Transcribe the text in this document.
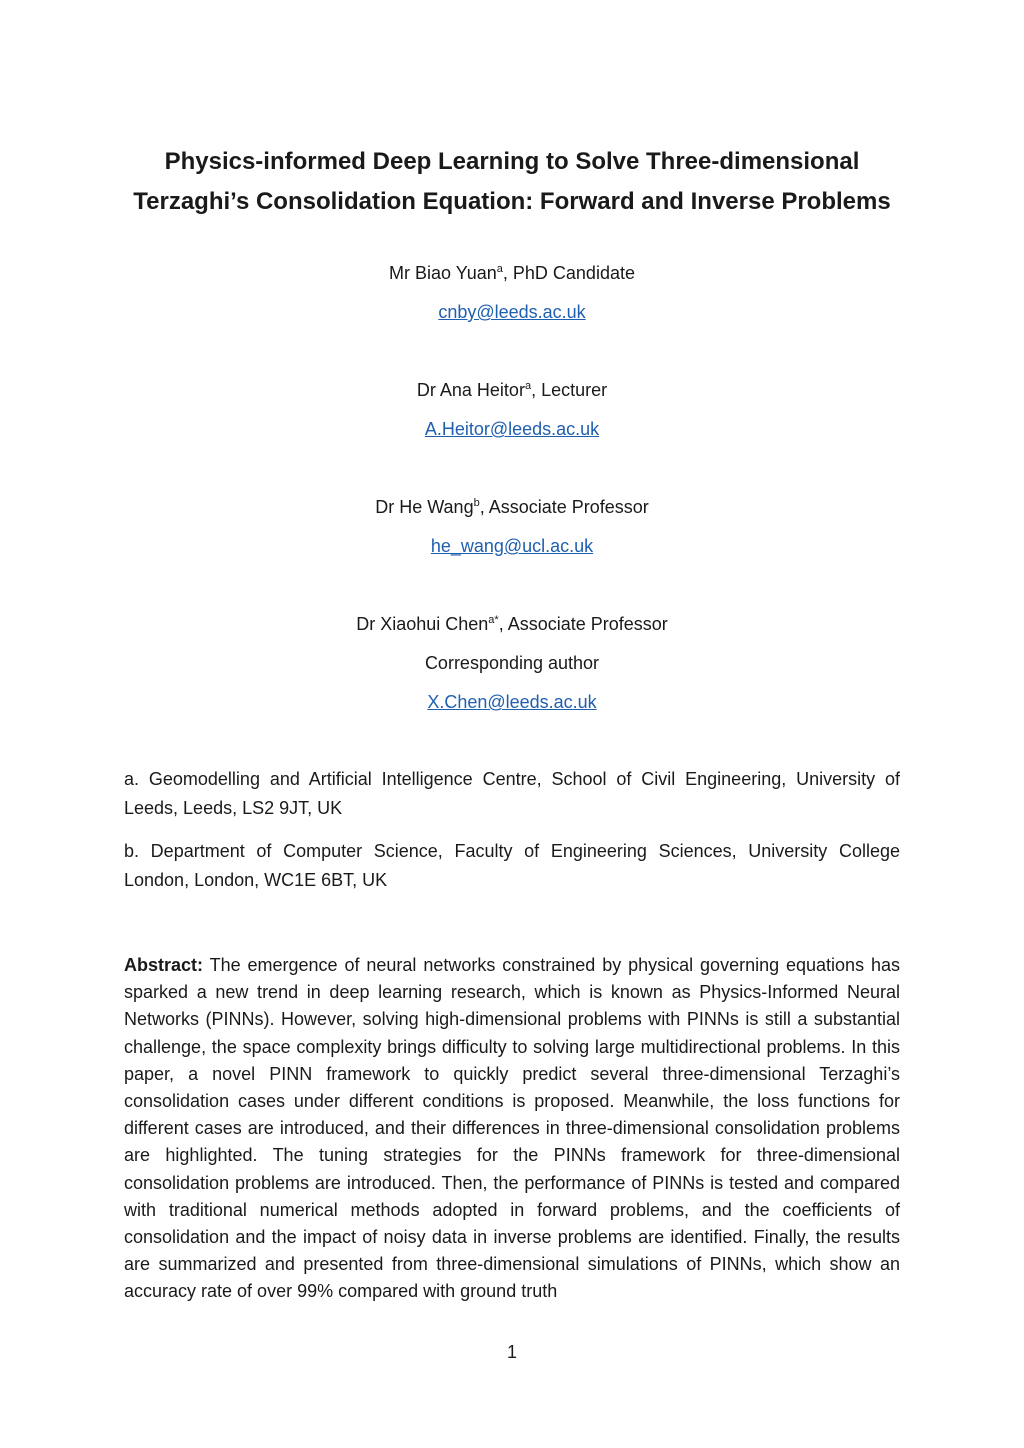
Physics-informed Deep Learning to Solve Three-dimensional
Terzaghi’s Consolidation Equation: Forward and Inverse Problems
Mr Biao Yuan$^a$, PhD Candidate
cnby@leeds.ac.uk
Dr Ana Heitor$^a$, Lecturer
A.Heitor@leeds.ac.uk
Dr He Wang$^b$, Associate Professor
he_wang@ucl.ac.uk
Dr Xiaohui Chen$^{a*}$, Associate Professor
Corresponding author
X.Chen@leeds.ac.uk
a. Geomodelling and Artificial Intelligence Centre, School of Civil Engineering, University of Leeds, Leeds, LS2 9JT, UK
b. Department of Computer Science, Faculty of Engineering Sciences, University College London, London, WC1E 6BT, UK
Abstract: The emergence of neural networks constrained by physical governing equations has sparked a new trend in deep learning research, which is known as Physics-Informed Neural Networks (PINNs). However, solving high-dimensional problems with PINNs is still a substantial challenge, the space complexity brings difficulty to solving large multidirectional problems. In this paper, a novel PINN framework to quickly predict several three-dimensional Terzaghi’s consolidation cases under different conditions is proposed. Meanwhile, the loss functions for different cases are introduced, and their differences in three-dimensional consolidation problems are highlighted. The tuning strategies for the PINNs framework for three-dimensional consolidation problems are introduced. Then, the performance of PINNs is tested and compared with traditional numerical methods adopted in forward problems, and the coefficients of consolidation and the impact of noisy data in inverse problems are identified. Finally, the results are summarized and presented from three-dimensional simulations of PINNs, which show an accuracy rate of over 99% compared with ground truth
1
